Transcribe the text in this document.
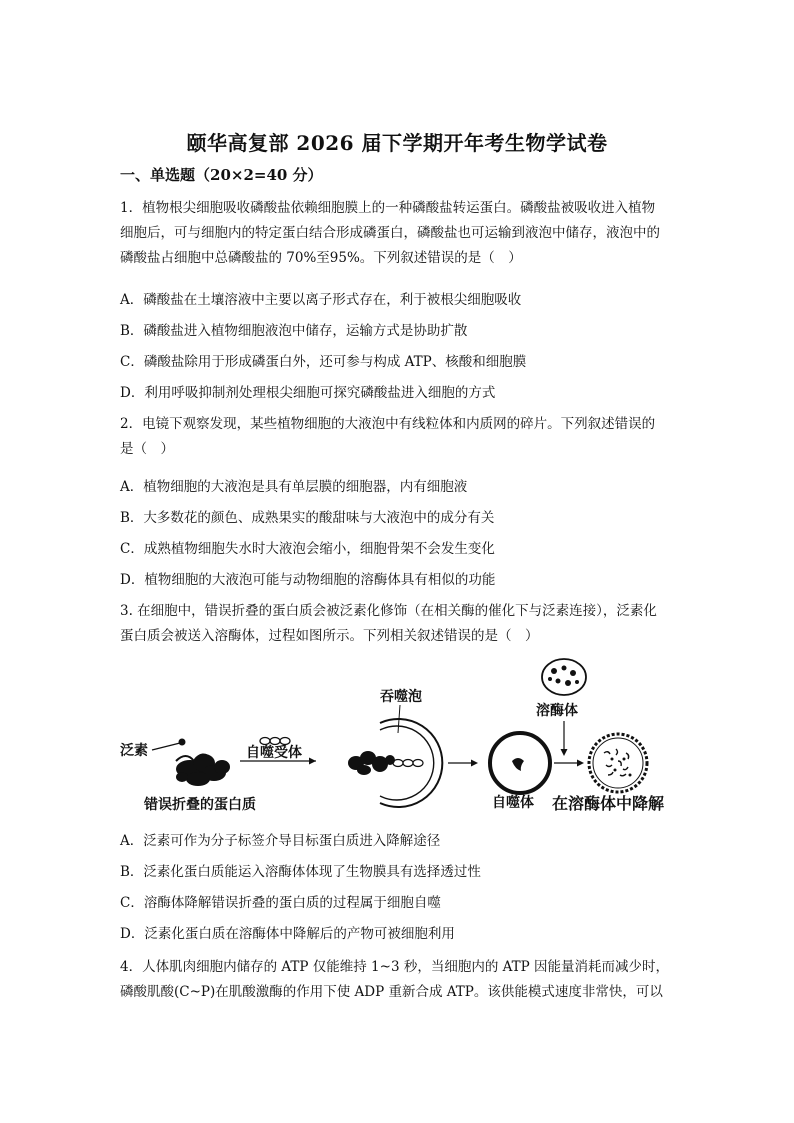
颐华高复部 2026 届下学期开年考生物学试卷
一、单选题（20×2=40 分）
1．植物根尖细胞吸收磷酸盐依赖细胞膜上的一种磷酸盐转运蛋白。磷酸盐被吸收进入植物
细胞后，可与细胞内的特定蛋白结合形成磷蛋白，磷酸盐也可运输到液泡中储存，液泡中的
磷酸盐占细胞中总磷酸盐的 70%至95%。下列叙述错误的是（　）
A．磷酸盐在土壤溶液中主要以离子形式存在，利于被根尖细胞吸收
B．磷酸盐进入植物细胞液泡中储存，运输方式是协助扩散
C．磷酸盐除用于形成磷蛋白外，还可参与构成 ATP、核酸和细胞膜
D．利用呼吸抑制剂处理根尖细胞可探究磷酸盐进入细胞的方式
2．电镜下观察发现，某些植物细胞的大液泡中有线粒体和内质网的碎片。下列叙述错误的
是（　）
A．植物细胞的大液泡是具有单层膜的细胞器，内有细胞液
B．大多数花的颜色、成熟果实的酸甜味与大液泡中的成分有关
C．成熟植物细胞失水时大液泡会缩小，细胞骨架不会发生变化
D．植物细胞的大液泡可能与动物细胞的溶酶体具有相似的功能
3. 在细胞中，错误折叠的蛋白质会被泛素化修饰（在相关酶的催化下与泛素连接），泛素化
蛋白质会被送入溶酶体，过程如图所示。下列相关叙述错误的是（　）
泛素
错误折叠的蛋白质
自噬受体
吞噬泡
自噬体
溶酶体
在溶酶体中降解
A．泛素可作为分子标签介导目标蛋白质进入降解途径
B．泛素化蛋白质能运入溶酶体体现了生物膜具有选择透过性
C．溶酶体降解错误折叠的蛋白质的过程属于细胞自噬
D．泛素化蛋白质在溶酶体中降解后的产物可被细胞利用
4．人体肌肉细胞内储存的 ATP 仅能维持 1~3 秒，当细胞内的 ATP 因能量消耗而减少时，
磷酸肌酸(C~P)在肌酸激酶的作用下使 ADP 重新合成 ATP。该供能模式速度非常快，可以
